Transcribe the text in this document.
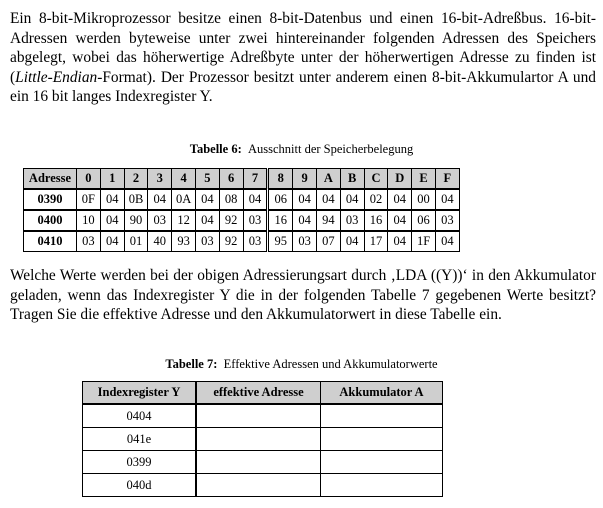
Ein 8-bit-Mikroprozessor besitze einen 8-bit-Datenbus und einen 16-bit-Adreßbus. 16-bit-Adressen werden byteweise unter zwei hintereinander folgenden Adressen des Speichers abgelegt, wobei das höherwertige Adreßbyte unter der höherwertigen Adresse zu finden ist (Little-Endian-Format). Der Prozessor besitzt unter anderem einen 8-bit-Akkumulartor A und ein 16 bit langes Indexregister Y.

Tabelle 6: Ausschnitt der Speicherbelegung
Adresse	0	1	2	3	4	5	6	7	8	9	A	B	C	D	E	F
0390	0F	04	0B	04	0A	04	08	04	06	04	04	04	02	04	00	04
0400	10	04	90	03	12	04	92	03	16	04	94	03	16	04	06	03
0410	03	04	01	40	93	03	92	03	95	03	07	04	17	04	1F	04

Welche Werte werden bei der obigen Adressierungsart durch ‚LDA ((Y))‘ in den Akkumulator geladen, wenn das Indexregister Y die in der folgenden Tabelle 7 gegebenen Werte besitzt? Tragen Sie die effektive Adresse und den Akkumulatorwert in diese Tabelle ein.

Tabelle 7: Effektive Adressen und Akkumulatorwerte
Indexregister Y	effektive Adresse	Akkumulator A
0404		
041e		
0399		
040d		
